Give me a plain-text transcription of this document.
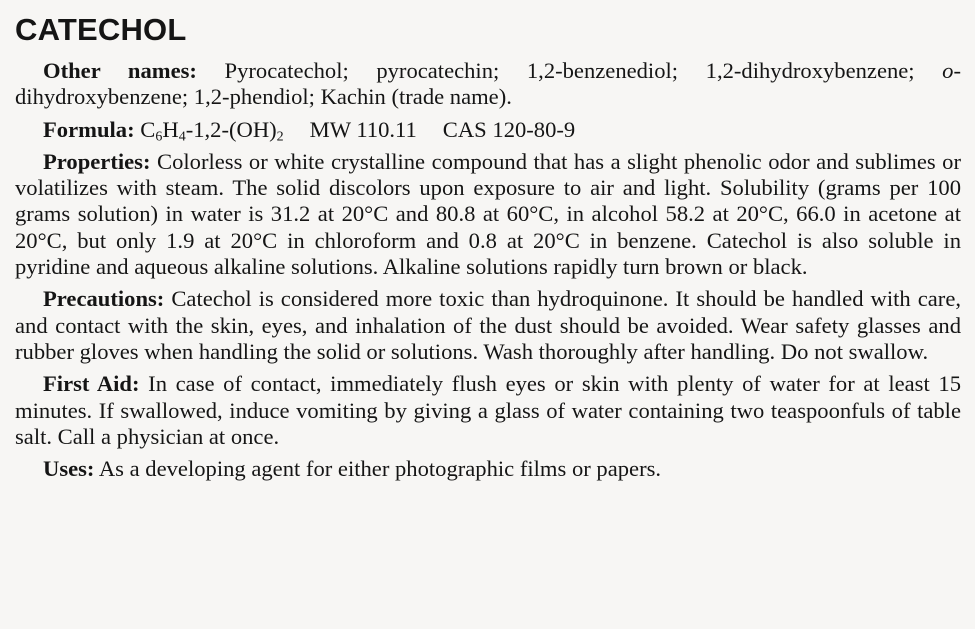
CATECHOL

Other names: Pyrocatechol; pyrocatechin; 1,2-benzenediol; 1,2-dihydroxybenzene; o-dihydroxybenzene; 1,2-phendiol; Kachin (trade name).

Formula: $C_6H_4-1,2-(OH)_2$ MW 110.11 CAS 120-80-9

Properties: Colorless or white crystalline compound that has a slight phenolic odor and sublimes or volatilizes with steam. The solid discolors upon exposure to air and light. Solubility (grams per 100 grams solution) in water is 31.2 at 20°C and 80.8 at 60°C, in alcohol 58.2 at 20°C, 66.0 in acetone at 20°C, but only 1.9 at 20°C in chloroform and 0.8 at 20°C in benzene. Catechol is also soluble in pyridine and aqueous alkaline solutions. Alkaline solutions rapidly turn brown or black.

Precautions: Catechol is considered more toxic than hydroquinone. It should be handled with care, and contact with the skin, eyes, and inhalation of the dust should be avoided. Wear safety glasses and rubber gloves when handling the solid or solutions. Wash thoroughly after handling. Do not swallow.

First Aid: In case of contact, immediately flush eyes or skin with plenty of water for at least 15 minutes. If swallowed, induce vomiting by giving a glass of water containing two teaspoonfuls of table salt. Call a physician at once.

Uses: As a developing agent for either photographic films or papers.
